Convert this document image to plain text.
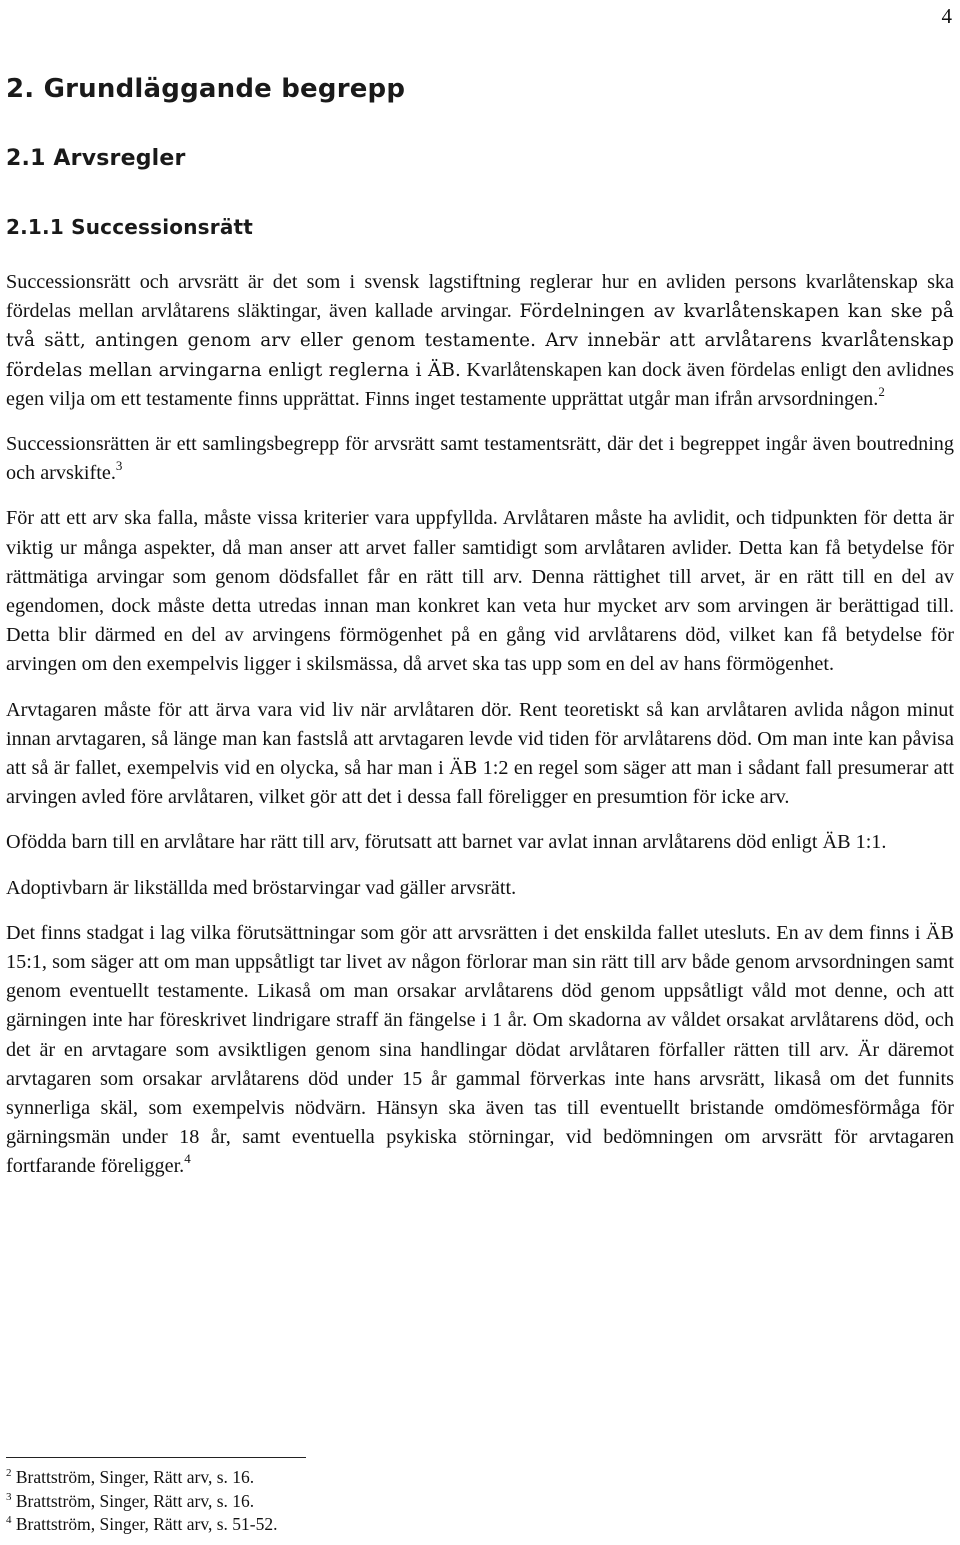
4
2. Grundläggande begrepp
2.1 Arvsregler
2.1.1 Successionsrätt

Successionsrätt och arvsrätt är det som i svensk lagstiftning reglerar hur en avliden persons kvarlåtenskap ska fördelas mellan arvlåtarens släktingar, även kallade arvingar. Fördelningen av kvarlåtenskapen kan ske på två sätt, antingen genom arv eller genom testamente. Arv innebär att arvlåtarens kvarlåtenskap fördelas mellan arvingarna enligt reglerna i ÄB. Kvarlåtenskapen kan dock även fördelas enligt den avlidnes egen vilja om ett testamente finns upprättat. Finns inget testamente upprättat utgår man ifrån arvsordningen.$^2$

Successionsrätten är ett samlingsbegrepp för arvsrätt samt testamentsrätt, där det i begreppet ingår även boutredning och arvskifte.$^3$

För att ett arv ska falla, måste vissa kriterier vara uppfyllda. Arvlåtaren måste ha avlidit, och tidpunkten för detta är viktig ur många aspekter, då man anser att arvet faller samtidigt som arvlåtaren avlider. Detta kan få betydelse för rättmätiga arvingar som genom dödsfallet får en rätt till arv. Denna rättighet till arvet, är en rätt till en del av egendomen, dock måste detta utredas innan man konkret kan veta hur mycket arv som arvingen är berättigad till. Detta blir därmed en del av arvingens förmögenhet på en gång vid arvlåtarens död, vilket kan få betydelse för arvingen om den exempelvis ligger i skilsmässa, då arvet ska tas upp som en del av hans förmögenhet.

Arvtagaren måste för att ärva vara vid liv när arvlåtaren dör. Rent teoretiskt så kan arvlåtaren avlida någon minut innan arvtagaren, så länge man kan fastslå att arvtagaren levde vid tiden för arvlåtarens död. Om man inte kan påvisa att så är fallet, exempelvis vid en olycka, så har man i ÄB 1:2 en regel som säger att man i sådant fall presumerar att arvingen avled före arvlåtaren, vilket gör att det i dessa fall föreligger en presumtion för icke arv.

Ofödda barn till en arvlåtare har rätt till arv, förutsatt att barnet var avlat innan arvlåtarens död enligt ÄB 1:1.

Adoptivbarn är likställda med bröstarvingar vad gäller arvsrätt.

Det finns stadgat i lag vilka förutsättningar som gör att arvsrätten i det enskilda fallet utesluts. En av dem finns i ÄB 15:1, som säger att om man uppsåtligt tar livet av någon förlorar man sin rätt till arv både genom arvsordningen samt genom eventuellt testamente. Likaså om man orsakar arvlåtarens död genom uppsåtligt våld mot denne, och att gärningen inte har föreskrivet lindrigare straff än fängelse i 1 år. Om skadorna av våldet orsakat arvlåtarens död, och det är en arvtagare som avsiktligen genom sina handlingar dödat arvlåtaren förfaller rätten till arv. Är däremot arvtagaren som orsakar arvlåtarens död under 15 år gammal förverkas inte hans arvsrätt, likaså om det funnits synnerliga skäl, som exempelvis nödvärn. Hänsyn ska även tas till eventuellt bristande omdömesförmåga för gärningsmän under 18 år, samt eventuella psykiska störningar, vid bedömningen om arvsrätt för arvtagaren fortfarande föreligger.$^4$

$^2$ Brattström, Singer, Rätt arv, s. 16.
$^3$ Brattström, Singer, Rätt arv, s. 16.
$^4$ Brattström, Singer, Rätt arv, s. 51-52.
